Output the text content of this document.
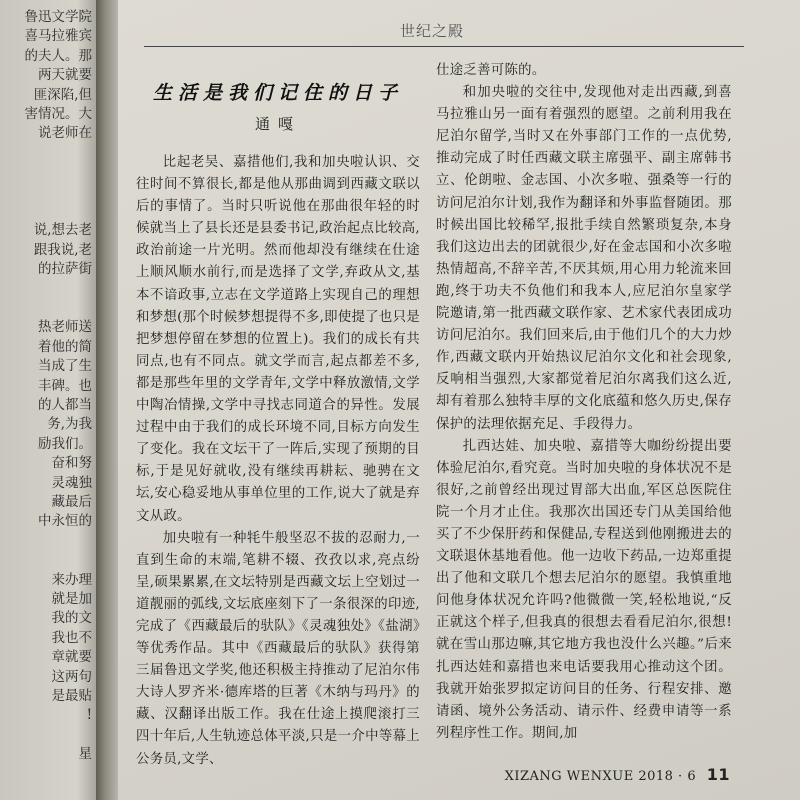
鲁迅文学院
喜马拉雅宾
的夫人。那
两天就要
匪深陷,但
害情况。大
说老师在
说,想去老
跟我说,老
的拉萨街
热老师送
着他的简
当成了生
丰碑。也
的人都当
务,为我
励我们。
奋和努
灵魂独
藏最后
中永恒的
来办理
就是加
我的文
我也不
章就要
这两句
是最贴
!
星
世纪之殿
生活是我们记住的日子
通嘎

比起老吴、嘉措他们,我和加央啦认识、交往时间不算很长,都是他从那曲调到西藏文联以后的事情了。当时只听说他在那曲很年轻的时候就当上了县长还是县委书记,政治起点比较高,政治前途一片光明。然而他却没有继续在仕途上顺风顺水前行,而是选择了文学,弃政从文,基本不谙政事,立志在文学道路上实现自己的理想和梦想(那个时候梦想提得不多,即使提了也只是把梦想停留在梦想的位置上)。我们的成长有共同点,也有不同点。就文学而言,起点都差不多,都是那些年里的文学青年,文学中释放激情,文学中陶冶情操,文学中寻找志同道合的异性。发展过程中由于我们的成长环境不同,目标方向发生了变化。我在文坛干了一阵后,实现了预期的目标,于是见好就收,没有继续再耕耘、驰骋在文坛,安心稳妥地从事单位里的工作,说大了就是弃文从政。

加央啦有一种牦牛般坚忍不拔的忍耐力,一直到生命的末端,笔耕不辍、孜孜以求,亮点纷呈,硕果累累,在文坛特别是西藏文坛上空划过一道靓丽的弧线,文坛底座刻下了一条很深的印迹,完成了《西藏最后的驮队》《灵魂独处》《盐湖》等优秀作品。其中《西藏最后的驮队》获得第三届鲁迅文学奖,他还积极主持推动了尼泊尔伟大诗人罗齐米·德库塔的巨著《木纳与玛丹》的藏、汉翻译出版工作。我在仕途上摸爬滚打三四十年后,人生轨迹总体平淡,只是一介中等幕上公务员,文学、

仕途乏善可陈的。

和加央啦的交往中,发现他对走出西藏,到喜马拉雅山另一面有着强烈的愿望。之前利用我在尼泊尔留学,当时又在外事部门工作的一点优势,推动完成了时任西藏文联主席强平、副主席韩书立、伦朗啦、金志国、小次多啦、强桑等一行的访问尼泊尔计划,我作为翻译和外事监督随团。那时候出国比较稀罕,报批手续自然繁琐复杂,本身我们这边出去的团就很少,好在金志国和小次多啦热情超高,不辞辛苦,不厌其烦,用心用力轮流来回跑,终于功夫不负他们和我本人,应尼泊尔皇家学院邀请,第一批西藏文联作家、艺术家代表团成功访问尼泊尔。我们回来后,由于他们几个的大力炒作,西藏文联内开始热议尼泊尔文化和社会现象,反响相当强烈,大家都觉着尼泊尔离我们这么近,却有着那么独特丰厚的文化底蕴和悠久历史,保存保护的法理依据充足、手段得力。

扎西达娃、加央啦、嘉措等大咖纷纷提出要体验尼泊尔,看究竟。当时加央啦的身体状况不是很好,之前曾经出现过胃部大出血,军区总医院住院一个月才止住。我那次出国还专门从美国给他买了不少保肝药和保健品,专程送到他刚搬进去的文联退休基地看他。他一边收下药品,一边郑重提出了他和文联几个想去尼泊尔的愿望。我慎重地问他身体状况允许吗?他微微一笑,轻松地说,“反正就这个样子,但我真的很想去看看尼泊尔,很想!就在雪山那边嘛,其它地方我也没什么兴趣。”后来扎西达娃和嘉措也来电话要我用心推动这个团。我就开始张罗拟定访问目的任务、行程安排、邀请函、境外公务活动、请示件、经费申请等一系列程序性工作。期间,加

XIZANG WENXUE 2018 · 6 11
